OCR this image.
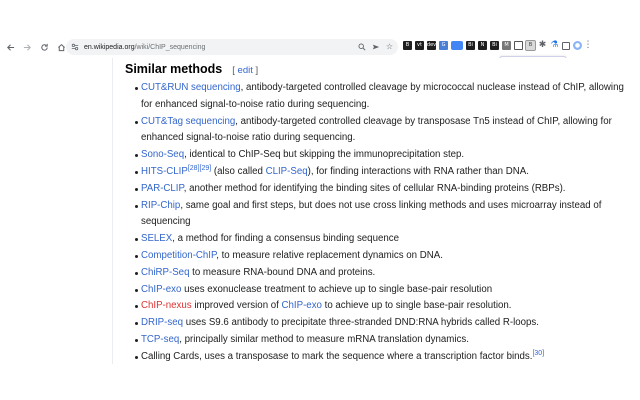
en.wikipedia.org/wiki/ChIP_sequencing	☆	B	vt dev	G	Bi	N	Bi	M	B ✱ ⚗	● ⋮
Similar methods [ edit ]
CUT&RUN sequencing, antibody-targeted controlled cleavage by micrococcal nuclease instead of ChIP, allowing for enhanced signal-to-noise ratio during sequencing.
CUT&Tag sequencing, antibody-targeted controlled cleavage by transposase Tn5 instead of ChIP, allowing for enhanced signal-to-noise ratio during sequencing.
Sono-Seq, identical to ChIP-Seq but skipping the immunoprecipitation step.
HITS-CLIP[28][29] (also called CLIP-Seq), for finding interactions with RNA rather than DNA.
PAR-CLIP, another method for identifying the binding sites of cellular RNA-binding proteins (RBPs).
RIP-Chip, same goal and first steps, but does not use cross linking methods and uses microarray instead of sequencing
SELEX, a method for finding a consensus binding sequence
Competition-ChIP, to measure relative replacement dynamics on DNA.
ChiRP-Seq to measure RNA-bound DNA and proteins.
ChIP-exo uses exonuclease treatment to achieve up to single base-pair resolution
ChIP-nexus improved version of ChIP-exo to achieve up to single base-pair resolution.
DRIP-seq uses S9.6 antibody to precipitate three-stranded DND:RNA hybrids called R-loops.
TCP-seq, principally similar method to measure mRNA translation dynamics.
Calling Cards, uses a transposase to mark the sequence where a transcription factor binds.[30]
